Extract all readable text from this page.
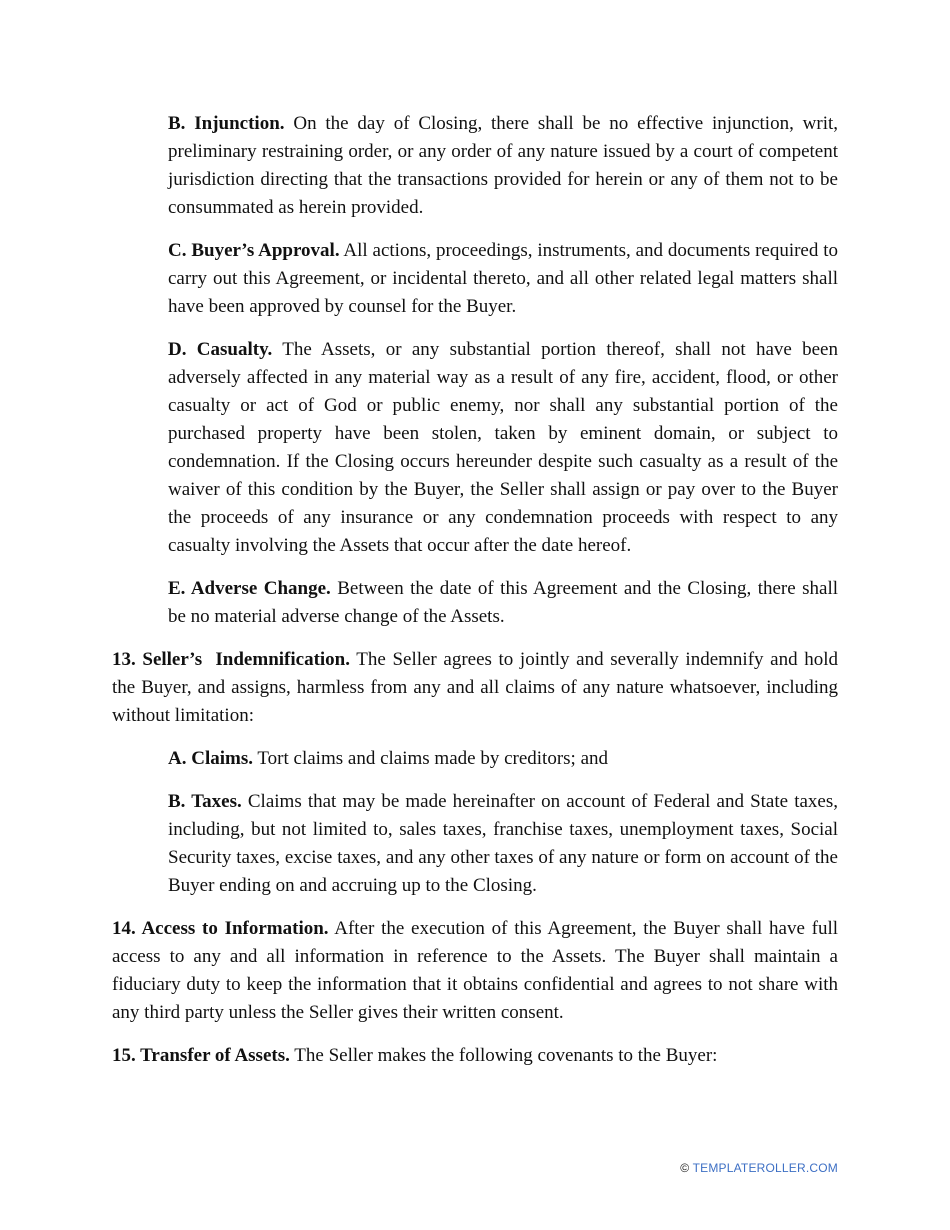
B. Injunction. On the day of Closing, there shall be no effective injunction, writ, preliminary restraining order, or any order of any nature issued by a court of competent jurisdiction directing that the transactions provided for herein or any of them not to be consummated as herein provided.

C. Buyer’s Approval. All actions, proceedings, instruments, and documents required to carry out this Agreement, or incidental thereto, and all other related legal matters shall have been approved by counsel for the Buyer.

D. Casualty. The Assets, or any substantial portion thereof, shall not have been adversely affected in any material way as a result of any fire, accident, flood, or other casualty or act of God or public enemy, nor shall any substantial portion of the purchased property have been stolen, taken by eminent domain, or subject to condemnation. If the Closing occurs hereunder despite such casualty as a result of the waiver of this condition by the Buyer, the Seller shall assign or pay over to the Buyer the proceeds of any insurance or any condemnation proceeds with respect to any casualty involving the Assets that occur after the date hereof.

E. Adverse Change. Between the date of this Agreement and the Closing, there shall be no material adverse change of the Assets.

13. Seller’s  Indemnification. The Seller agrees to jointly and severally indemnify and hold the Buyer, and assigns, harmless from any and all claims of any nature whatsoever, including without limitation:

A. Claims. Tort claims and claims made by creditors; and

B. Taxes. Claims that may be made hereinafter on account of Federal and State taxes, including, but not limited to, sales taxes, franchise taxes, unemployment taxes, Social Security taxes, excise taxes, and any other taxes of any nature or form on account of the Buyer ending on and accruing up to the Closing.

14. Access to Information. After the execution of this Agreement, the Buyer shall have full access to any and all information in reference to the Assets. The Buyer shall maintain a fiduciary duty to keep the information that it obtains confidential and agrees to not share with any third party unless the Seller gives their written consent.

15. Transfer of Assets. The Seller makes the following covenants to the Buyer:

© TEMPLATEROLLER.COM
